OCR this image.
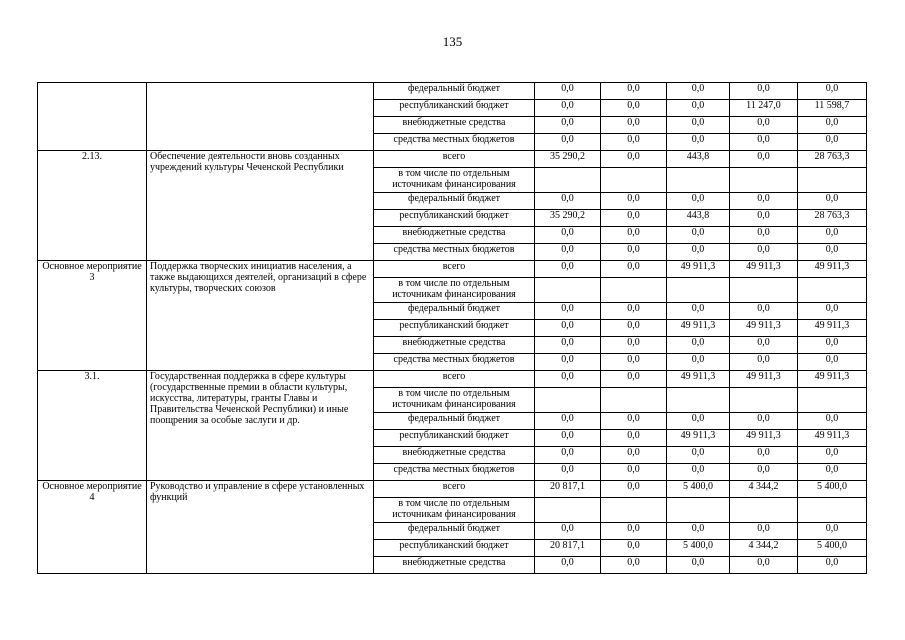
135
		федеральный бюджет	0,0	0,0	0,0	0,0	0,0
		республиканский бюджет	0,0	0,0	0,0	11 247,0	11 598,7
		внебюджетные средства	0,0	0,0	0,0	0,0	0,0
		средства местных бюджетов	0,0	0,0	0,0	0,0	0,0
2.13.	Обеспечение деятельности вновь созданных учреждений культуры Чеченской Республики	всего	35 290,2	0,0	443,8	0,0	28 763,3
		в том числе по отдельным источникам финансирования					
		федеральный бюджет	0,0	0,0	0,0	0,0	0,0
		республиканский бюджет	35 290,2	0,0	443,8	0,0	28 763,3
		внебюджетные средства	0,0	0,0	0,0	0,0	0,0
		средства местных бюджетов	0,0	0,0	0,0	0,0	0,0
Основное мероприятие 3	Поддержка творческих инициатив населения, а также выдающихся деятелей, организаций в сфере культуры, творческих союзов	всего	0,0	0,0	49 911,3	49 911,3	49 911,3
		в том числе по отдельным источникам финансирования					
		федеральный бюджет	0,0	0,0	0,0	0,0	0,0
		республиканский бюджет	0,0	0,0	49 911,3	49 911,3	49 911,3
		внебюджетные средства	0,0	0,0	0,0	0,0	0,0
		средства местных бюджетов	0,0	0,0	0,0	0,0	0,0
3.1.	Государственная поддержка в сфере культуры (государственные премии в области культуры, искусства, литературы, гранты Главы и Правительства Чеченской Республики) и иные поощрения за особые заслуги и др.	всего	0,0	0,0	49 911,3	49 911,3	49 911,3
		в том числе по отдельным источникам финансирования					
		федеральный бюджет	0,0	0,0	0,0	0,0	0,0
		республиканский бюджет	0,0	0,0	49 911,3	49 911,3	49 911,3
		внебюджетные средства	0,0	0,0	0,0	0,0	0,0
		средства местных бюджетов	0,0	0,0	0,0	0,0	0,0
Основное мероприятие 4	Руководство и управление в сфере установленных функций	всего	20 817,1	0,0	5 400,0	4 344,2	5 400,0
		в том числе по отдельным источникам финансирования					
		федеральный бюджет	0,0	0,0	0,0	0,0	0,0
		республиканский бюджет	20 817,1	0,0	5 400,0	4 344,2	5 400,0
		внебюджетные средства	0,0	0,0	0,0	0,0	0,0
